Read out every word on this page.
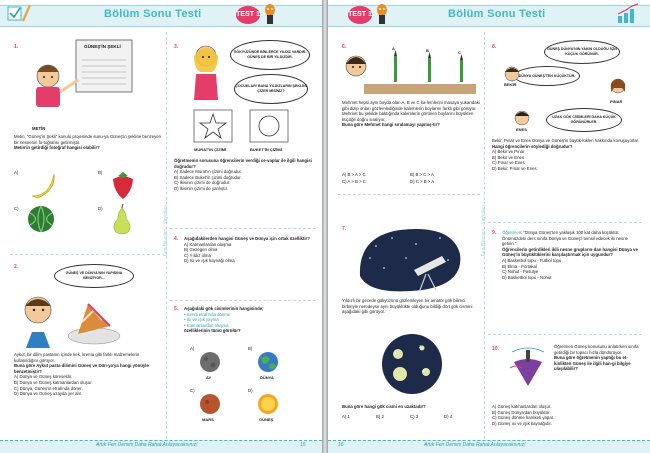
Bölüm Sonu Testi	TEST 1
Fen Bilimleri · Yayınları
1.	GÜNEŞ'İN ŞEKLİ
METİN
Metin, "Güneş'in Şekli" konulu projesinde sunu-ya Güneş'in şekline benzeyen bir nesnenin fo-toğrafını getirmiştir.
Metin'in getirdiği fotoğraf hangisi olabilir?
A)	B)
C)	D)
2.
GÜNEŞ VE DÜNYA'NIN YAPISINA BENZİYOR...
Aykut, bir dilim pastanın içinde kek, krema gibi farklı malzemelerin kullanıldığını görüyor.
Buna göre Aykut pasta dilimini Güneş ve Dün-ya'ya hangi yönüyle benzetmiştir?
A) Dünya ve Güneş küreseldir.
B) Dünya ve Güneş katmanlardan oluşur.
C) Dünya, Güneş'in etrafında döner.
D) Dünya ve Güneş uzayda yer alır.
3.
GÖKYÜZÜNDE BİNLERCE YILDIZ VARDIR. GÜNEŞ DE BİR YILDIZDIR.
ÇOCUKLAR! BANA YILDIZLARIN ŞEKLİNİ ÇİZER MİSİNİZ?
MURAT'IN ÇİZİMİ	BUKET'İN ÇİZİMİ
Öğretmenin sorusuna öğrencilerin verdiği ce-vaplar ile ilgili hangisi doğrudur?
A) Sadece Murat'ın çizimi doğrudur.
B) Sadece Buket'in çizimi doğrudur.
C) İkisinin çizimi de doğrudur.
D) İkisinin çizimi de yanlıştır.
4. Aşağıdakilerden hangisi Güneş ve Dünya için ortak özelliktir?
A) Katmanlardan oluşma
B) Gezegen olma
C) Yıldız olma
D) Isı ve ışık kaynağı olma
5. Aşağıdaki gök cisimlerinin hangisinde;
• Kendi etrafında dönme
• Isı ve ışık yayma
• Katmanlardan oluşma
özelliklerinin tümü görülür?
A)	B)
C)	D)
AY	DÜNYA
MARS	GÜNEŞ
Artık Fen Dersini Daha Rahat Anlayacaksınız!	15
TEST 1	Bölüm Sonu Testi
Fen Bilimleri · Yayınları
6.	A	B	C
Mehmet hepsi aynı boyda olan A, B ve C ka-lemlerini masaya yukarıdaki gibi dizip onları gözlemlediğinde kalemlerin boylarını farklı gibi görüyor. Mehmet bu şekilde baktığında kalemlerin görünen boylarını büyükten küçüğe doğru sıralıyor.
Buna göre Mehmet hangi sıralamayı yapmış-tır?
A) B > A > C	B) B > C > A
C) A > B > C	D) C > B > A
7.
Yıldızlı bir gecede gökyüzünü gözlemleyen bir amatör gök bilimci birbiriyle neredeyse aynı büyüklükte olduğunu bildiği dört gök cismini aşağıdaki gibi görüyor.
1
2
3	4
Buna göre hangi gök cismi en uzaktadır?
A) 1	B) 2	C) 3	D) 4
8.	GÜNEŞ DÜNYA'NIN YAKIN OLDUĞU İÇİN KÜÇÜK GÖRÜNÜR.
DÜNYA GÜNEŞ'TEN KÜÇÜKTÜR.
UZAK GÖK CİSİMLERİ DAHA KÜÇÜK GÖRÜNÜRLER.
BEKİR
PINAR
ENES
Bekir, Pınar ve Enes Dünya ve Güneş'in büyük-lükleri hakkında konuşuyorlar.
Hangi öğrencilerin söylediği doğrudur?
A) Bekir ve Pınar
B) Bekir ve Enes
C) Pınar ve Enes
D) Bekir, Pınar ve Enes
9. Öğretmen: "Dünya Güneş'ten yaklaşık 100 kat daha küçüktür. Önümüzdeki ders sınıfa Dünya ve Güneş'i temsil edecek iki nesne getirin."
Öğrencilerin getirdikleri ikili nesne grupların-dan hangisi Dünya ve Güneş'in büyüklüklerini karşılaştırmak için uygundur?
A) Basketbol topu - Futbol topu
B) Elma - Portakal
C) Nohut - Pasulye
D) Basketbol topu - Nohut
10.	Öğretmen Güneş konusunu anlatırken sınıfa getirdiği bir topacı hızla döndürüyor.
Buna göre öğretmenin yaptığı bu et-kinlikten Güneş ile ilgili han-gi bilgiye ulaşılabilir?
A) Güneş katmanlardan oluşur.
B) Güneş Dünya'dan büyüktür.
C) Güneş dönme hareketi yapar.
D) Güneş ısı ve ışık kaynağıdır.
16	Artık Fen Dersini Daha Rahat Anlayacaksınız!
